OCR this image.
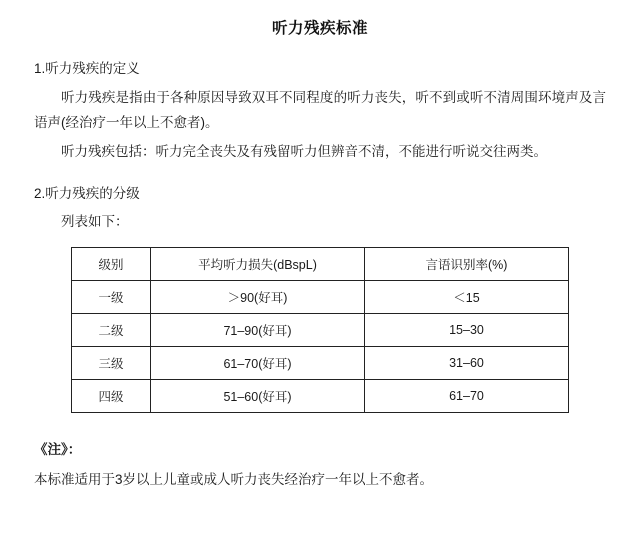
听力残疾标准
1.听力残疾的定义

听力残疾是指由于各种原因导致双耳不同程度的听力丧失，听不到或听不清周围环境声及言语声(经治疗一年以上不愈者)。

听力残疾包括：听力完全丧失及有残留听力但辨音不清，不能进行听说交往两类。

2.听力残疾的分级

列表如下：

级别	平均听力损失(dBspL)	言语识别率(%)
一级	＞90(好耳)	＜15
二级	71–90(好耳)	15–30
三级	61–70(好耳)	31–60
四级	51–60(好耳)	61–70
《注》：

本标准适用于3岁以上儿童或成人听力丧失经治疗一年以上不愈者。
